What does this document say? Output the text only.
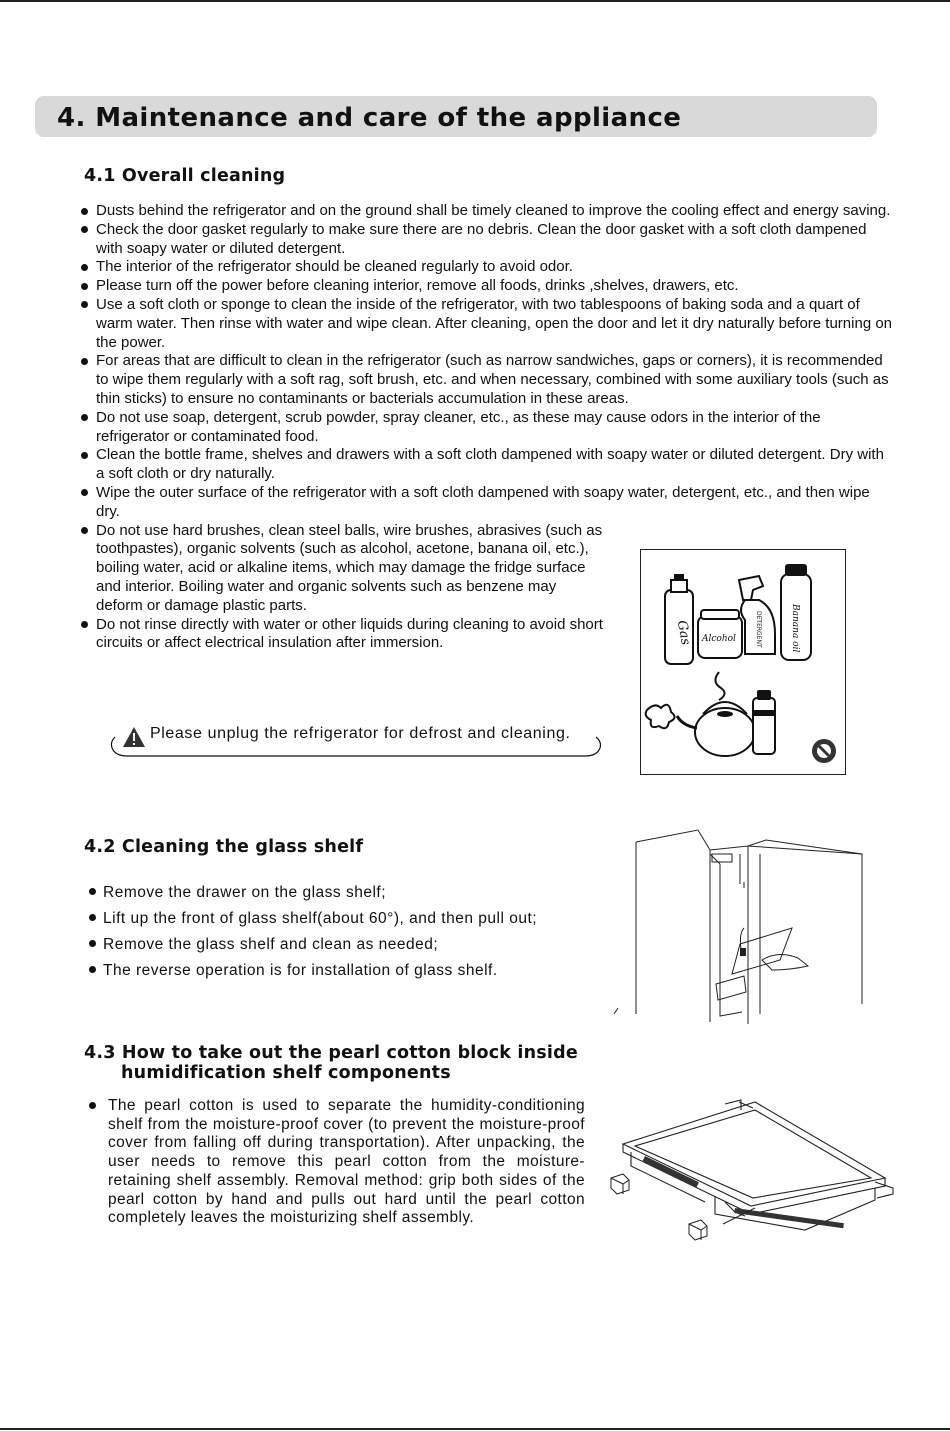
4. Maintenance and care of the appliance
4.1 Overall cleaning
Dusts behind the refrigerator and on the ground shall be timely cleaned to improve the cooling effect and energy saving.
Check the door gasket regularly to make sure there are no debris. Clean the door gasket with a soft cloth dampened with soapy water or diluted detergent.
The interior of the refrigerator should be cleaned regularly to avoid odor.
Please turn off the power before cleaning interior, remove all foods, drinks ,shelves, drawers, etc.
Use a soft cloth or sponge to clean the inside of the refrigerator, with two tablespoons of baking soda and a quart of warm water. Then rinse with water and wipe clean. After cleaning, open the door and let it dry naturally before turning on the power.
For areas that are difficult to clean in the refrigerator (such as narrow sandwiches, gaps or corners), it is recommended to wipe them regularly with a soft rag, soft brush, etc. and when necessary, combined with some auxiliary tools (such as thin sticks) to ensure no contaminants or bacterials accumulation in these areas.
Do not use soap, detergent, scrub powder, spray cleaner, etc., as these may cause odors in the interior of the refrigerator or contaminated food.
Clean the bottle frame, shelves and drawers with a soft cloth dampened with soapy water or diluted detergent. Dry with a soft cloth or dry naturally.
Wipe the outer surface of the refrigerator with a soft cloth dampened with soapy water, detergent, etc., and then wipe dry.
Do not use hard brushes, clean steel balls, wire brushes, abrasives (such as toothpastes), organic solvents (such as alcohol, acetone, banana oil, etc.), boiling water, acid or alkaline items, which may damage the fridge surface and interior. Boiling water and organic solvents such as benzene may deform or damage plastic parts.
Do not rinse directly with water or other liquids during cleaning to avoid short circuits or affect electrical insulation after immersion.
Please unplug the refrigerator for defrost and cleaning.
Gas Alcohol	DETERGENT	Banana oil
4.2 Cleaning the glass shelf
Remove the drawer on the glass shelf;
Lift up the front of glass shelf(about 60°), and then pull out;
Remove the glass shelf and clean as needed;
The reverse operation is for installation of glass shelf.
4.3 How to take out the pearl cotton block inside
humidification shelf components
The pearl cotton is used to separate the humidity-conditioning shelf from the moisture-proof cover (to prevent the moisture-proof cover from falling off during transportation). After unpacking, the user needs to remove this pearl cotton from the moisture-retaining shelf assembly. Removal method: grip both sides of the pearl cotton by hand and pulls out hard until the pearl cotton completely leaves the moisturizing shelf assembly.
